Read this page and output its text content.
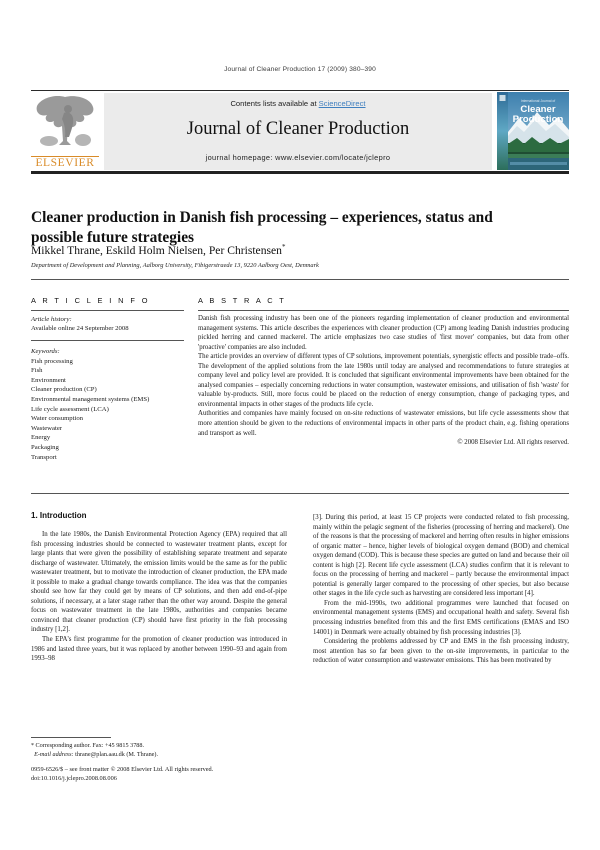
Journal of Cleaner Production 17 (2009) 380–390
ELSEVIER
Contents lists available at ScienceDirect
Journal of Cleaner Production
journal homepage: www.elsevier.com/locate/jclepro
International Journal of
Cleaner
Production
Cleaner production in Danish fish processing – experiences, status and possible future strategies
Mikkel Thrane, Eskild Holm Nielsen, Per Christensen*
Department of Development and Planning, Aalborg University, Fibigerstraede 13, 9220 Aalborg Oest, Denmark
A R T I C L E I N F O
Article history:
Available online 24 September 2008
Keywords:
Fish processing
Fish
Environment
Cleaner production (CP)
Environmental management systems (EMS)
Life cycle assessment (LCA)
Water consumption
Wastewater
Energy
Packaging
Transport
A B S T R A C T

Danish fish processing industry has been one of the pioneers regarding implementation of cleaner production and environmental management systems. This article describes the experiences with cleaner production (CP) among leading Danish industries producing pickled herring and canned mackerel. The article emphasizes two case studies of 'first mover' companies, but data from other 'proactive' companies are also included.

The article provides an overview of different types of CP solutions, improvement potentials, synergistic effects and possible trade–offs. The development of the applied solutions from the late 1980s until today are analysed and recommendations to future strategies at company level and policy level are provided. It is concluded that significant environmental improvements have been obtained for the analysed companies – especially concerning reductions in water consumption, wastewater emissions, and utilisation of fish 'waste' for valuable by-products. Still, more focus could be placed on the reduction of energy consumption, change of packaging types, and environmental impacts in other stages of the products life cycle.

Authorities and companies have mainly focused on on-site reductions of wastewater emissions, but life cycle assessments show that more attention should be given to the reductions of environmental impacts in other parts of the product chain, e.g. fishing operations and transport as well.

© 2008 Elsevier Ltd. All rights reserved.

1. Introduction

In the late 1980s, the Danish Environmental Protection Agency (EPA) required that all fish processing industries should be connected to wastewater treatment plants, except for large plants that were given the possibility of establishing separate treatment and separate discharge of wastewater. Ultimately, the emission limits would be the same as for the public wastewater treatment, but to motivate the introduction of cleaner production, the EPA made it possible to make a gradual change towards compliance. The idea was that the companies should see how far they could get by means of CP solutions, and then add end-of-pipe solutions, if necessary, at a later stage rather than the other way around. Despite the general focus on wastewater treatment in the late 1980s, authorities and companies became convinced that cleaner production (CP) should have first priority in the fish processing industry [1,2].

The EPA's first programme for the promotion of cleaner production was introduced in 1986 and lasted three years, but it was replaced by another between 1990–93 and again from 1993–98

[3]. During this period, at least 15 CP projects were conducted related to fish processing, mainly within the pelagic segment of the fisheries (processing of herring and mackerel). One of the reasons is that the processing of mackerel and herring often results in higher emissions of organic matter – hence, higher levels of biological oxygen demand (BOD) and chemical oxygen demand (COD). This is because these species are gutted on land and because their oil content is high [2]. Recent life cycle assessment (LCA) studies confirm that it is relevant to focus on the processing of herring and mackerel – partly because the environmental impact potential is generally larger compared to the processing of other species, but also because other stages in the life cycle such as harvesting are considered less important [4].

From the mid-1990s, two additional programmes were launched that focused on environmental management systems (EMS) and occupational health and safety. Several fish processing industries benefited from this and the first EMS certifications (EMAS and ISO 14001) in Denmark were actually obtained by fish processing industries [3].

Considering the problems addressed by CP and EMS in the fish processing industry, most attention has so far been given to the on-site improvements, in particular to the reduction of water consumption and wastewater emissions. This has been motivated by

* Corresponding author. Fax: +45 9815 3788.
E-mail address: thrane@plan.aau.dk (M. Thrane).
0959-6526/$ – see front matter © 2008 Elsevier Ltd. All rights reserved.
doi:10.1016/j.jclepro.2008.08.006
